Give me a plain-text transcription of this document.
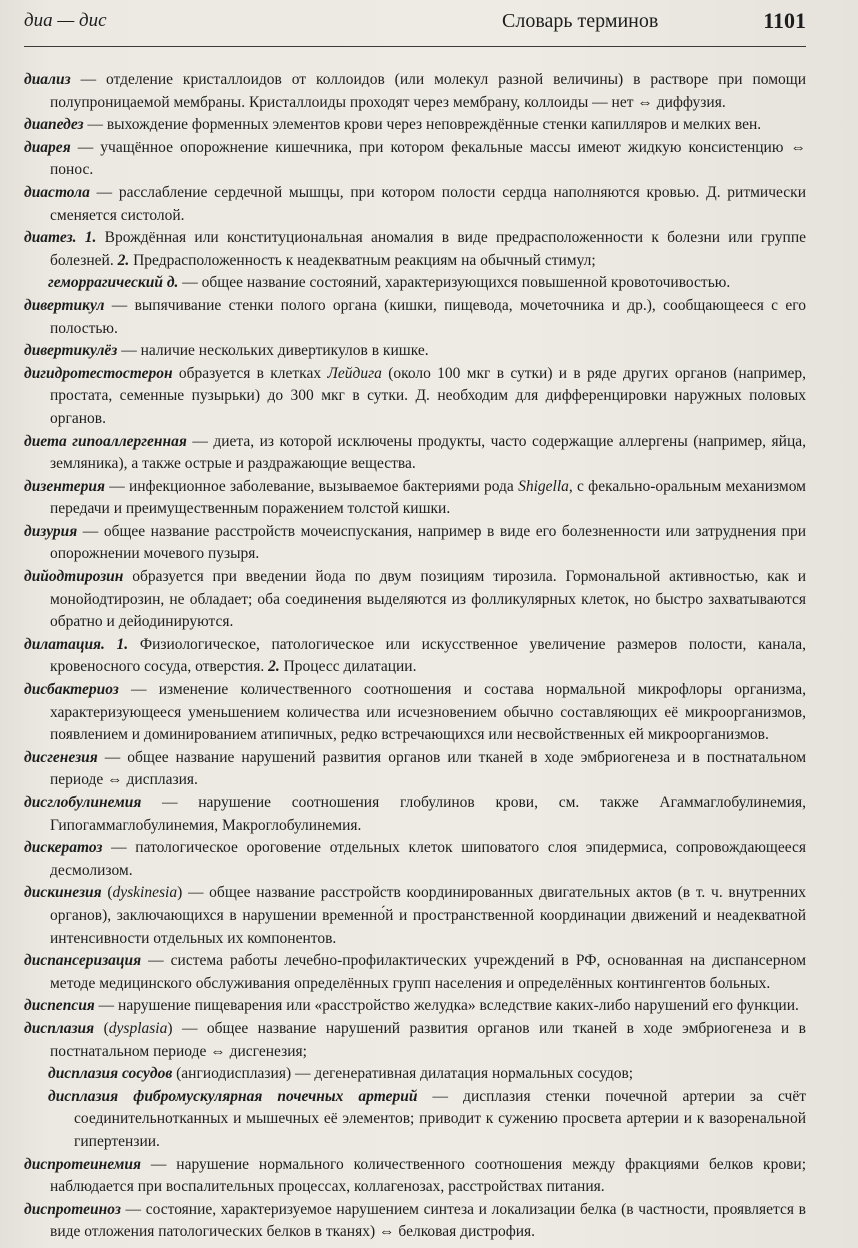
диа — дис	Словарь терминов	1101

диализ — отделение кристаллоидов от коллоидов (или молекул разной величины) в растворе при помощи полупроницаемой мембраны. Кристаллоиды проходят через мембрану, коллоиды — нет ⇔ диффузия.

диапедез — выхождение форменных элементов крови через неповреждённые стенки капилляров и мелких вен.

диарея — учащённое опорожнение кишечника, при котором фекальные массы имеют жидкую консистенцию ⇔ понос.

диастола — расслабление сердечной мышцы, при котором полости сердца наполняются кровью. Д. ритмически сменяется систолой.

диатез. 1. Врождённая или конституциональная аномалия в виде предрасположенности к болезни или группе болезней. 2. Предрасположенность к неадекватным реакциям на обычный стимул;

геморрагический д. — общее название состояний, характеризующихся повышенной кровоточивостью.

дивертикул — выпячивание стенки полого органа (кишки, пищевода, мочеточника и др.), сообщающееся с его полостью.

дивертикулёз — наличие нескольких дивертикулов в кишке.

дигидротестостерон образуется в клетках Лейдига (около 100 мкг в сутки) и в ряде других органов (например, простата, семенные пузырьки) до 300 мкг в сутки. Д. необходим для дифференцировки наружных половых органов.

диета гипоаллергенная — диета, из которой исключены продукты, часто содержащие аллергены (например, яйца, земляника), а также острые и раздражающие вещества.

дизентерия — инфекционное заболевание, вызываемое бактериями рода Shigella, с фекально-оральным механизмом передачи и преимущественным поражением толстой кишки.

дизурия — общее название расстройств мочеиспускания, например в виде его болезненности или затруднения при опорожнении мочевого пузыря.

дийодтирозин образуется при введении йода по двум позициям тирозила. Гормональной активностью, как и монойодтирозин, не обладает; оба соединения выделяются из фолликулярных клеток, но быстро захватываются обратно и дейодинируются.

дилатация. 1. Физиологическое, патологическое или искусственное увеличение размеров полости, канала, кровеносного сосуда, отверстия. 2. Процесс дилатации.

дисбактериоз — изменение количественного соотношения и состава нормальной микрофлоры организма, характеризующееся уменьшением количества или исчезновением обычно составляющих её микроорганизмов, появлением и доминированием атипичных, редко встречающихся или несвойственных ей микроорганизмов.

дисгенезия — общее название нарушений развития органов или тканей в ходе эмбриогенеза и в постнатальном периоде ⇔ дисплазия.

дисглобулинемия — нарушение соотношения глобулинов крови, см. также Агаммаглобулинемия, Гипогаммаглобулинемия, Макроглобулинемия.

дискератоз — патологическое ороговение отдельных клеток шиповатого слоя эпидермиса, сопровождающееся десмолизом.

дискинезия (dyskinesia) — общее название расстройств координированных двигательных актов (в т. ч. внутренних органов), заключающихся в нарушении временно́й и пространственной координации движений и неадекватной интенсивности отдельных их компонентов.

диспансеризация — система работы лечебно-профилактических учреждений в РФ, основанная на диспансерном методе медицинского обслуживания определённых групп населения и определённых контингентов больных.

диспепсия — нарушение пищеварения или «расстройство желудка» вследствие каких-либо нарушений его функции.

дисплазия (dysplasia) — общее название нарушений развития органов или тканей в ходе эмбриогенеза и в постнатальном периоде ⇔ дисгенезия;

дисплазия сосудов (ангиодисплазия) — дегенеративная дилатация нормальных сосудов;

дисплазия фибромускулярная почечных артерий — дисплазия стенки почечной артерии за счёт соединительнотканных и мышечных её элементов; приводит к сужению просвета артерии и к вазоренальной гипертензии.

диспротеинемия — нарушение нормального количественного соотношения между фракциями белков крови; наблюдается при воспалительных процессах, коллагенозах, расстройствах питания.

диспротеиноз — состояние, характеризуемое нарушением синтеза и локализации белка (в частности, проявляется в виде отложения патологических белков в тканях) ⇔ белковая дистрофия.
